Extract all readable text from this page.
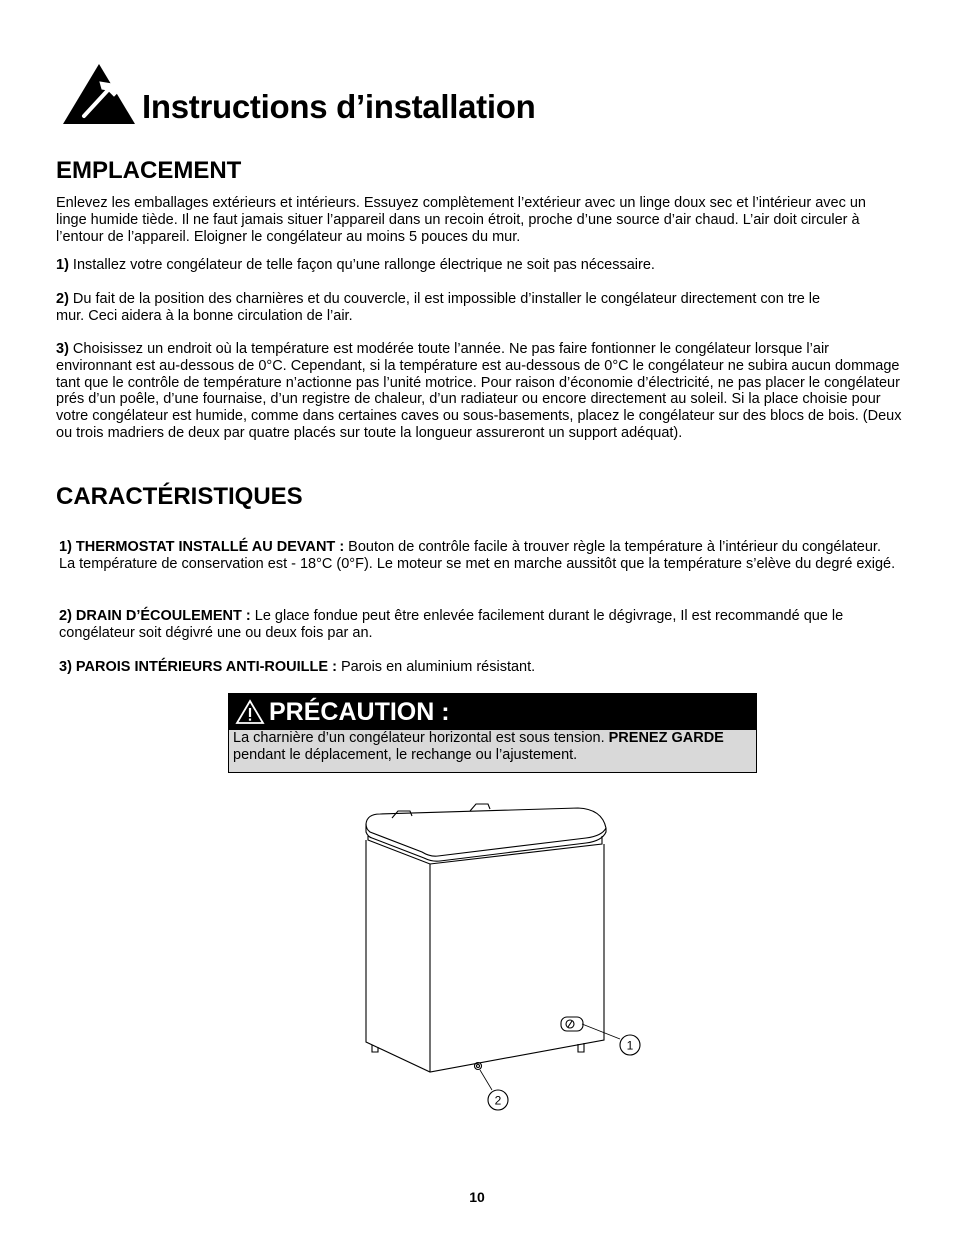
Instructions d’installation
EMPLACEMENT

Enlevez les emballages extérieurs et intérieurs. Essuyez complètement l’extérieur avec un linge doux sec et l’intérieur avec un linge humide tiède. Il ne faut jamais situer l’appareil dans un recoin étroit, proche d’une source d’air chaud. L’air doit circuler à l’entour de l’appareil. Eloigner le congélateur au moins 5 pouces du mur.

1) Installez votre congélateur de telle façon qu’une rallonge électrique ne soit pas nécessaire.

2) Du fait de la position des charnières et du couvercle, il est impossible d’installer le congélateur directement con tre le mur. Ceci aidera à la bonne circulation de l’air.

3) Choisissez un endroit où la température est modérée toute l’année. Ne pas faire fontionner le congélateur lorsque l’air environnant est au-dessous de 0°C. Cependant, si la température est au-dessous de 0°C le congélateur ne subira aucun dommage tant que le contrôle de température n’actionne pas l’unité motrice. Pour raison d’économie d’électricité, ne pas placer le congélateur prés d’un poêle, d’une fournaise, d’un registre de chaleur, d’un radiateur ou encore directement au soleil. Si la place choisie pour votre congélateur est humide, comme dans certaines caves ou sous-basements, placez le congélateur sur des blocs de bois. (Deux ou trois madriers de deux par quatre placés sur toute la longueur assureront un support adéquat).

CARACTÉRISTIQUES

1) THERMOSTAT INSTALLÉ AU DEVANT : Bouton de contrôle facile à trouver règle la température à l’intérieur du congélateur. La température de conservation est - 18°C (0°F). Le moteur se met en marche aussitôt que la température s’elève du degré exigé.

2) DRAIN D’ÉCOULEMENT : Le glace fondue peut être enlevée facilement durant le dégivrage, Il est recommandé que le congélateur soit dégivré une ou deux fois par an.

3) PAROIS INTÉRIEURS ANTI-ROUILLE : Parois en aluminium résistant.

PRÉCAUTION :
La charnière d’un congélateur horizontal est sous tension. PRENEZ GARDE pendant le déplacement, le rechange ou l’ajustement.
1
2
10
